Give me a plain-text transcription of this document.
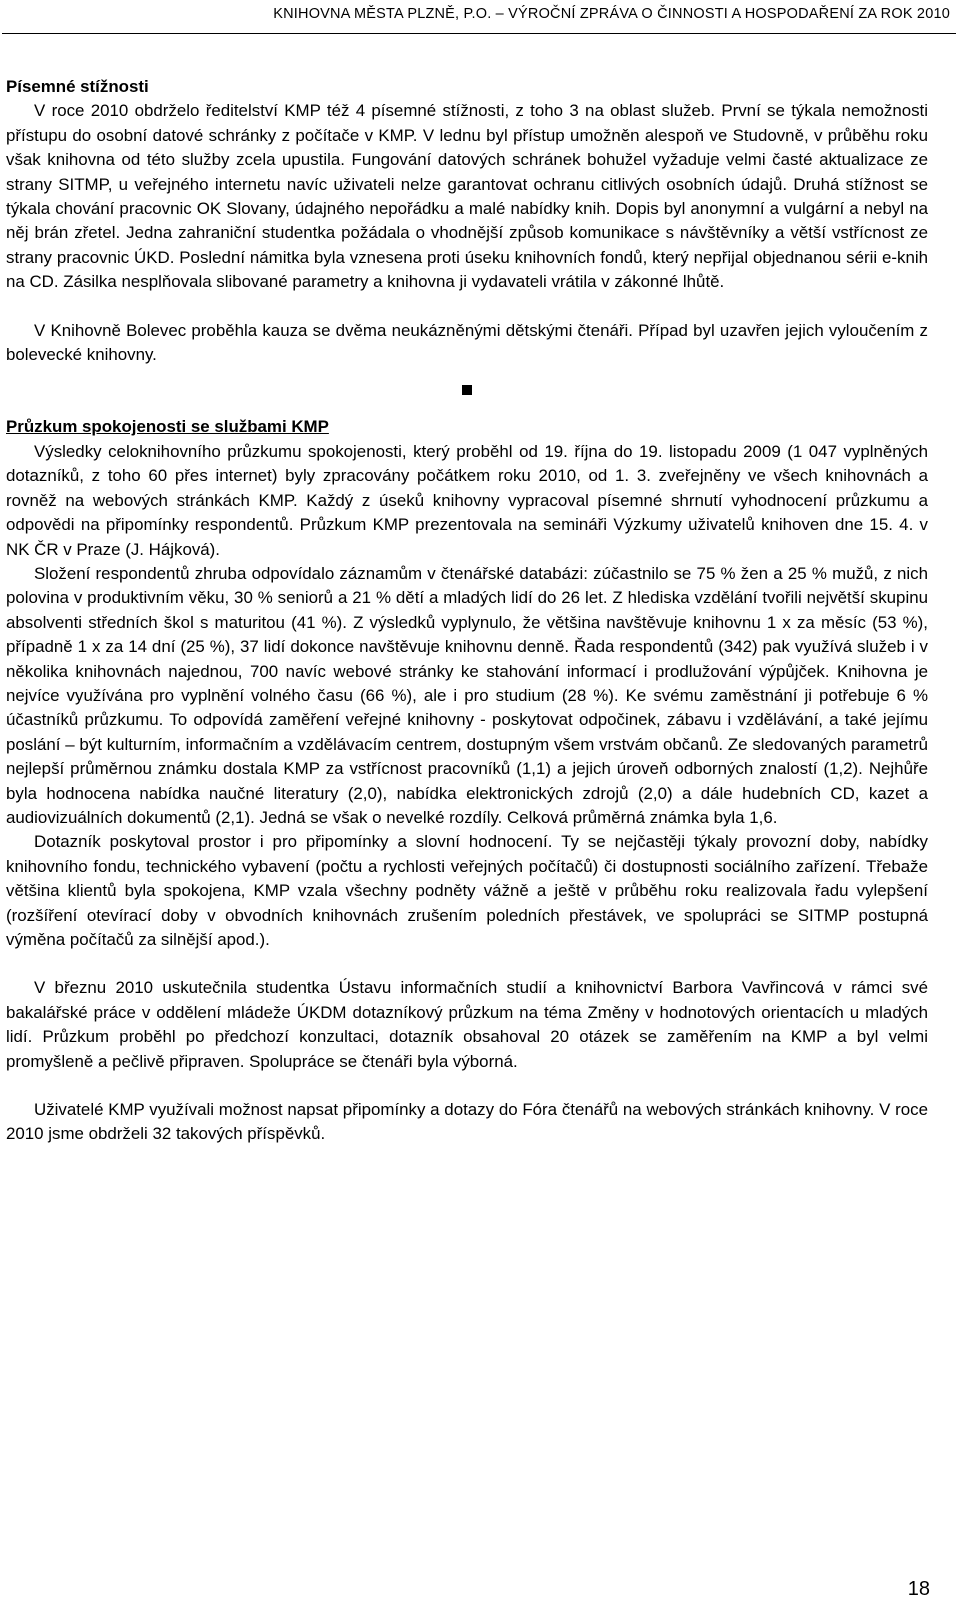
KNIHOVNA MĚSTA PLZNĚ, P.O. – VÝROČNÍ ZPRÁVA O ČINNOSTI A HOSPODAŘENÍ ZA ROK 2010

Písemné stížnosti

V roce 2010 obdrželo ředitelství KMP též 4 písemné stížnosti, z toho 3 na oblast služeb. První se týkala nemožnosti přístupu do osobní datové schránky z počítače v KMP. V lednu byl přístup umožněn alespoň ve Studovně, v průběhu roku však knihovna od této služby zcela upustila. Fungování datových schránek bohužel vyžaduje velmi časté aktualizace ze strany SITMP, u veřejného internetu navíc uživateli nelze garantovat ochranu citlivých osobních údajů. Druhá stížnost se týkala chování pracovnic OK Slovany, údajného nepořádku a malé nabídky knih. Dopis byl anonymní a vulgární a nebyl na něj brán zřetel. Jedna zahraniční studentka požádala o vhodnější způsob komunikace s návštěvníky a větší vstřícnost ze strany pracovnic ÚKD. Poslední námitka byla vznesena proti úseku knihovních fondů, který nepřijal objednanou sérii e-knih na CD. Zásilka nesplňovala slibované parametry a knihovna ji vydavateli vrátila v zákonné lhůtě.

V Knihovně Bolevec proběhla kauza se dvěma neukázněnými dětskými čtenáři. Případ byl uzavřen jejich vyloučením z bolevecké knihovny.

Průzkum spokojenosti se službami KMP

Výsledky celoknihovního průzkumu spokojenosti, který proběhl od 19. října do 19. listopadu 2009 (1 047 vyplněných dotazníků, z toho 60 přes internet) byly zpracovány počátkem roku 2010, od 1. 3. zveřejněny ve všech knihovnách a rovněž na webových stránkách KMP. Každý z úseků knihovny vypracoval písemné shrnutí vyhodnocení průzkumu a odpovědi na připomínky respondentů. Průzkum KMP prezentovala na semináři Výzkumy uživatelů knihoven dne 15. 4. v NK ČR v Praze (J. Hájková).

Složení respondentů zhruba odpovídalo záznamům v čtenářské databázi: zúčastnilo se 75 % žen a 25 % mužů, z nich polovina v produktivním věku, 30 % seniorů a 21 % dětí a mladých lidí do 26 let. Z hlediska vzdělání tvořili největší skupinu absolventi středních škol s maturitou (41 %). Z výsledků vyplynulo, že většina navštěvuje knihovnu 1 x za měsíc (53 %), případně 1 x za 14 dní (25 %), 37 lidí dokonce navštěvuje knihovnu denně. Řada respondentů (342) pak využívá služeb i v několika knihovnách najednou, 700 navíc webové stránky ke stahování informací i prodlužování výpůjček. Knihovna je nejvíce využívána pro vyplnění volného času (66 %), ale i pro studium (28 %). Ke svému zaměstnání ji potřebuje 6 % účastníků průzkumu. To odpovídá zaměření veřejné knihovny - poskytovat odpočinek, zábavu i vzdělávání, a také jejímu poslání – být kulturním, informačním a vzdělávacím centrem, dostupným všem vrstvám občanů. Ze sledovaných parametrů nejlepší průměrnou známku dostala KMP za vstřícnost pracovníků (1,1) a jejich úroveň odborných znalostí (1,2). Nejhůře byla hodnocena nabídka naučné literatury (2,0), nabídka elektronických zdrojů (2,0) a dále hudebních CD, kazet a audiovizuálních dokumentů (2,1). Jedná se však o nevelké rozdíly. Celková průměrná známka byla 1,6.

Dotazník poskytoval prostor i pro připomínky a slovní hodnocení. Ty se nejčastěji týkaly provozní doby, nabídky knihovního fondu, technického vybavení (počtu a rychlosti veřejných počítačů) či dostupnosti sociálního zařízení. Třebaže většina klientů byla spokojena, KMP vzala všechny podněty vážně a ještě v průběhu roku realizovala řadu vylepšení (rozšíření otevírací doby v obvodních knihovnách zrušením poledních přestávek, ve spolupráci se SITMP postupná výměna počítačů za silnější apod.).

V březnu 2010 uskutečnila studentka Ústavu informačních studií a knihovnictví Barbora Vavřincová v rámci své bakalářské práce v oddělení mládeže ÚKDM dotazníkový průzkum na téma Změny v hodnotových orientacích u mladých lidí. Průzkum proběhl po předchozí konzultaci, dotazník obsahoval 20 otázek se zaměřením na KMP a byl velmi promyšleně a pečlivě připraven. Spolupráce se čtenáři byla výborná.

Uživatelé KMP využívali možnost napsat připomínky a dotazy do Fóra čtenářů na webových stránkách knihovny. V roce 2010 jsme obdrželi 32 takových příspěvků.

18
